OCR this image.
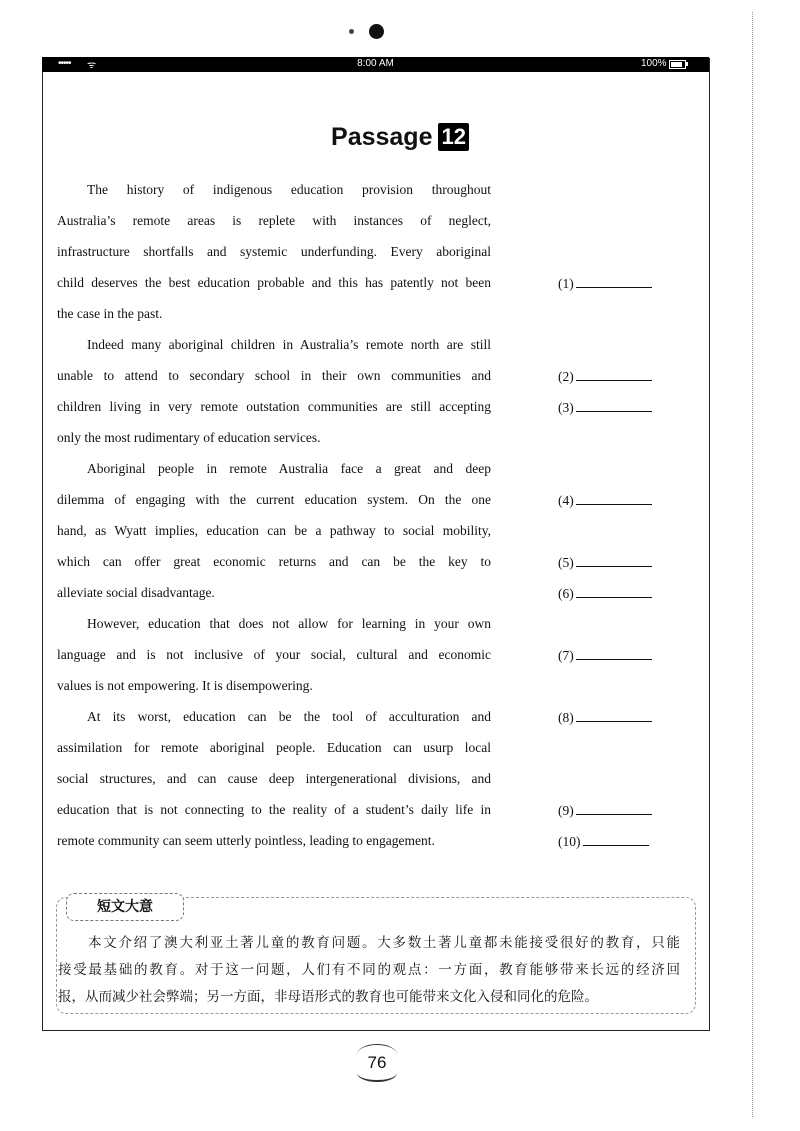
••••• ᯤ	8:00 AM	100%
Passage 12
The history of indigenous education provision throughout
Australia’s remote areas is replete with instances of neglect,
infrastructure shortfalls and systemic underfunding. Every aboriginal
child deserves the best education probable and this has patently not been
the case in the past.
Indeed many aboriginal children in Australia’s remote north are still
unable to attend to secondary school in their own communities and
children living in very remote outstation communities are still accepting
only the most rudimentary of education services.
Aboriginal people in remote Australia face a great and deep
dilemma of engaging with the current education system. On the one
hand, as Wyatt implies, education can be a pathway to social mobility,
which can offer great economic returns and can be the key to
alleviate social disadvantage.
However, education that does not allow for learning in your own
language and is not inclusive of your social, cultural and economic
values is not empowering. It is disempowering.
At its worst, education can be the tool of acculturation and
assimilation for remote aboriginal people. Education can usurp local
social structures, and can cause deep intergenerational divisions, and
education that is not connecting to the reality of a student’s daily life in
remote community can seem utterly pointless, leading to engagement.
(1)
(2)
(3)
(4)
(5)
(6)
(7)
(8)
(9)
(10)
短文大意
本文介绍了澳大利亚土著儿童的教育问题。大多数土著儿童都未能接受很好的教育，只能
接受最基础的教育。对于这一问题，人们有不同的观点：一方面，教育能够带来长远的经济回
报，从而减少社会弊端；另一方面，非母语形式的教育也可能带来文化入侵和同化的危险。
76
